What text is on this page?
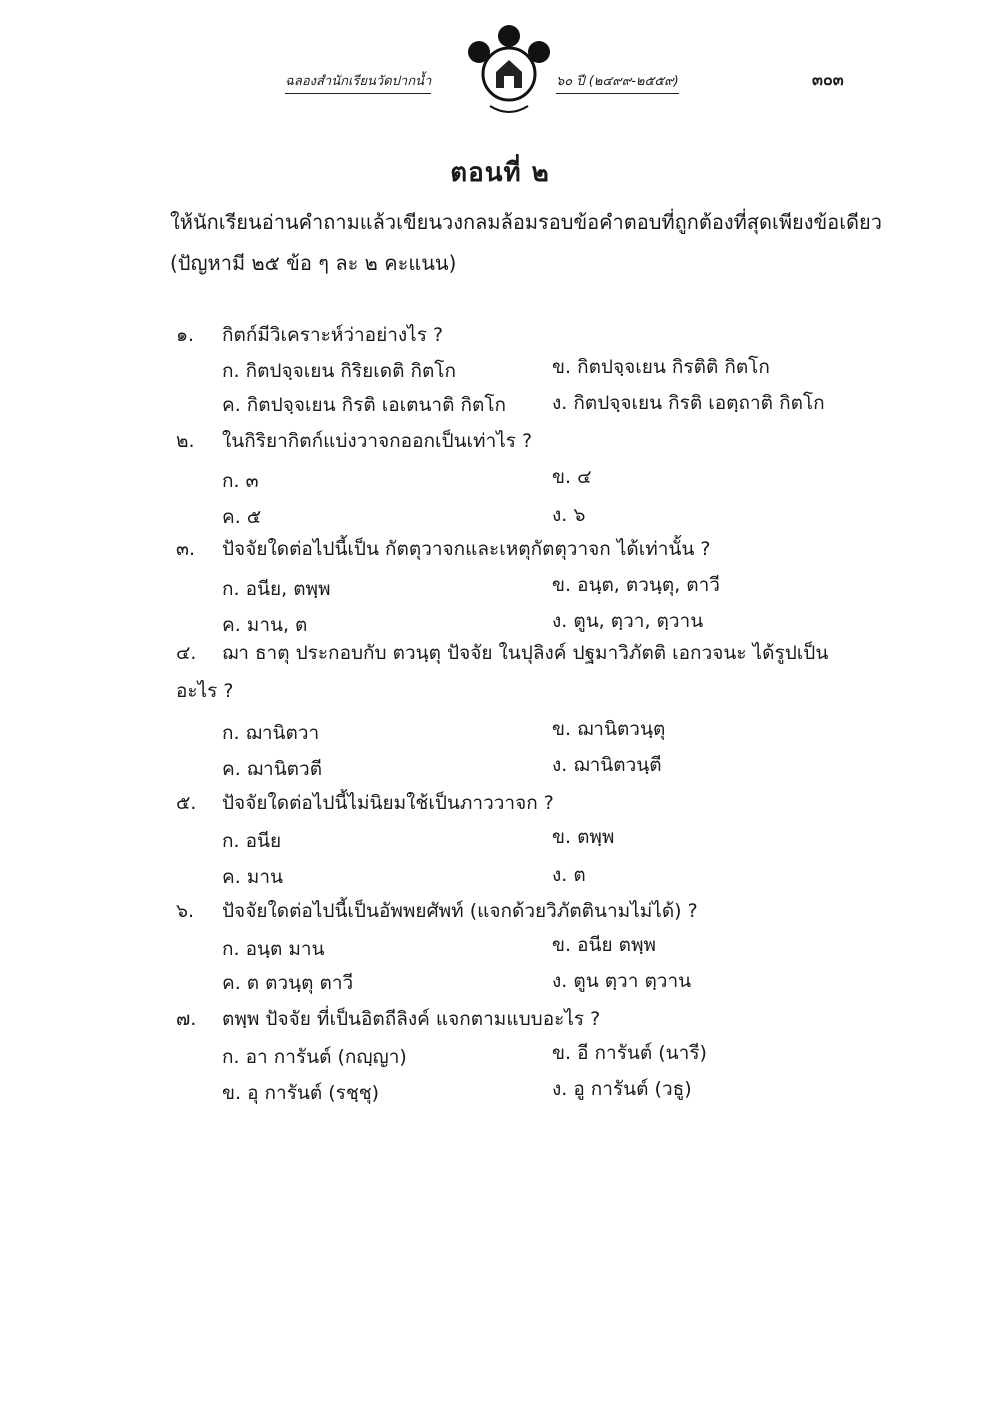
ฉลองสำนักเรียนวัดปากน้ำ	๖๐ ปี (๒๔๙๙-๒๕๕๙)	๓๐๓
ตอนที่ ๒
ให้นักเรียนอ่านคำถามแล้วเขียนวงกลมล้อมรอบข้อคำตอบที่ถูกต้องที่สุดเพียงข้อเดียว
(ปัญหามี ๒๕ ข้อ ๆ ละ ๒ คะแนน)
๑. กิตก์มีวิเคราะห์ว่าอย่างไร ?
ก. กิตปจฺจเยน กิริยเดติ กิตโก	ข. กิตปจฺจเยน กิรติติ กิตโก
ค. กิตปจฺจเยน กิรติ เอเตนาติ กิตโก ง. กิตปจฺจเยน กิรติ เอตฺถาติ กิตโก
๒. ในกิริยากิตก์แบ่งวาจกออกเป็นเท่าไร ?
ก. ๓	ข. ๔
ค. ๕	ง. ๖
๓. ปัจจัยใดต่อไปนี้เป็น กัตตุวาจกและเหตุกัตตุวาจก ได้เท่านั้น ?
ก. อนีย, ตพฺพ	ข. อนฺต, ตวนฺตุ, ตาวี
ค. มาน, ต	ง. ตูน, ตฺวา, ตฺวาน
๔. ฌา ธาตุ ประกอบกับ ตวนฺตุ ปัจจัย ในปุลิงค์ ปฐมาวิภัตติ เอกวจนะ ได้รูปเป็นอะไร ?
ก. ฌานิตวา	ข. ฌานิตวนฺตุ
ค. ฌานิตวตี	ง. ฌานิตวนฺตี
๕. ปัจจัยใดต่อไปนี้ไม่นิยมใช้เป็นภาววาจก ?
ก. อนีย	ข. ตพฺพ
ค. มาน	ง. ต
๖. ปัจจัยใดต่อไปนี้เป็นอัพพยศัพท์ (แจกด้วยวิภัตตินามไม่ได้) ?
ก. อนฺต มาน	ข. อนีย ตพฺพ
ค. ต ตวนฺตุ ตาวี	ง. ตูน ตฺวา ตฺวาน
๗. ตพฺพ ปัจจัย ที่เป็นอิตถีลิงค์ แจกตามแบบอะไร ?
ก. อา การันต์ (กญฺญา)	ข. อี การันต์ (นารี)
ข. อุ การันต์ (รชฺชุ)	ง. อู การันต์ (วธู)
